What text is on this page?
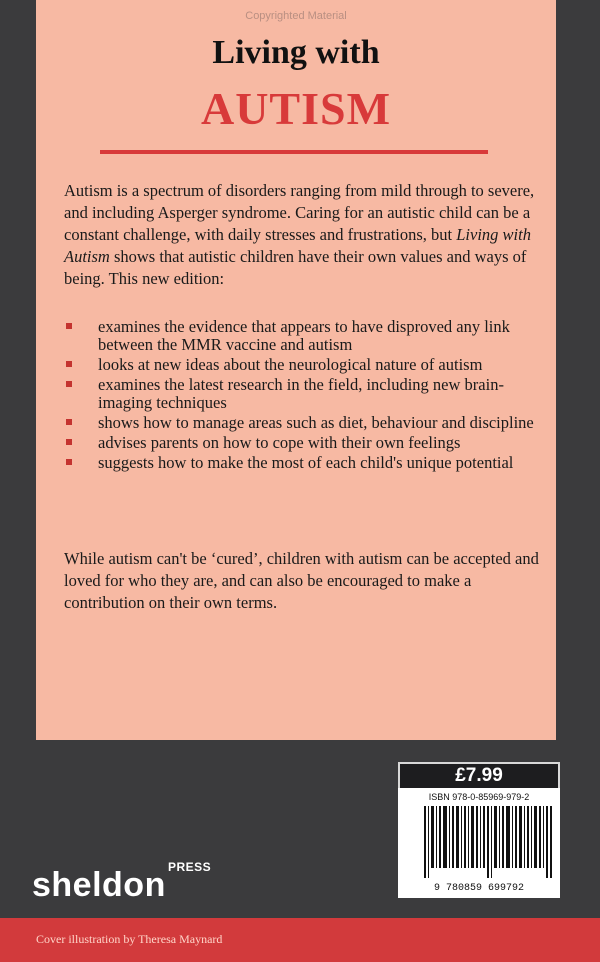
Copyrighted Material
Living with
AUTISM

Autism is a spectrum of disorders ranging from mild through to severe, and including Asperger syndrome. Caring for an autistic child can be a constant challenge, with daily stresses and frustrations, but Living with Autism shows that autistic children have their own values and ways of being. This new edition:

examines the evidence that appears to have disproved any link between the MMR vaccine and autism
looks at new ideas about the neurological nature of autism
examines the latest research in the field, including new brain-imaging techniques
shows how to manage areas such as diet, behaviour and discipline
advises parents on how to cope with their own feelings
suggests how to make the most of each child's unique potential

While autism can't be ‘cured’, children with autism can be accepted and loved for who they are, and can also be encouraged to make a contribution on their own terms.

£7.99
ISBN 978-0-85969-979-2
9 780859 699792
PRESS
sheldon
Cover illustration by Theresa Maynard
